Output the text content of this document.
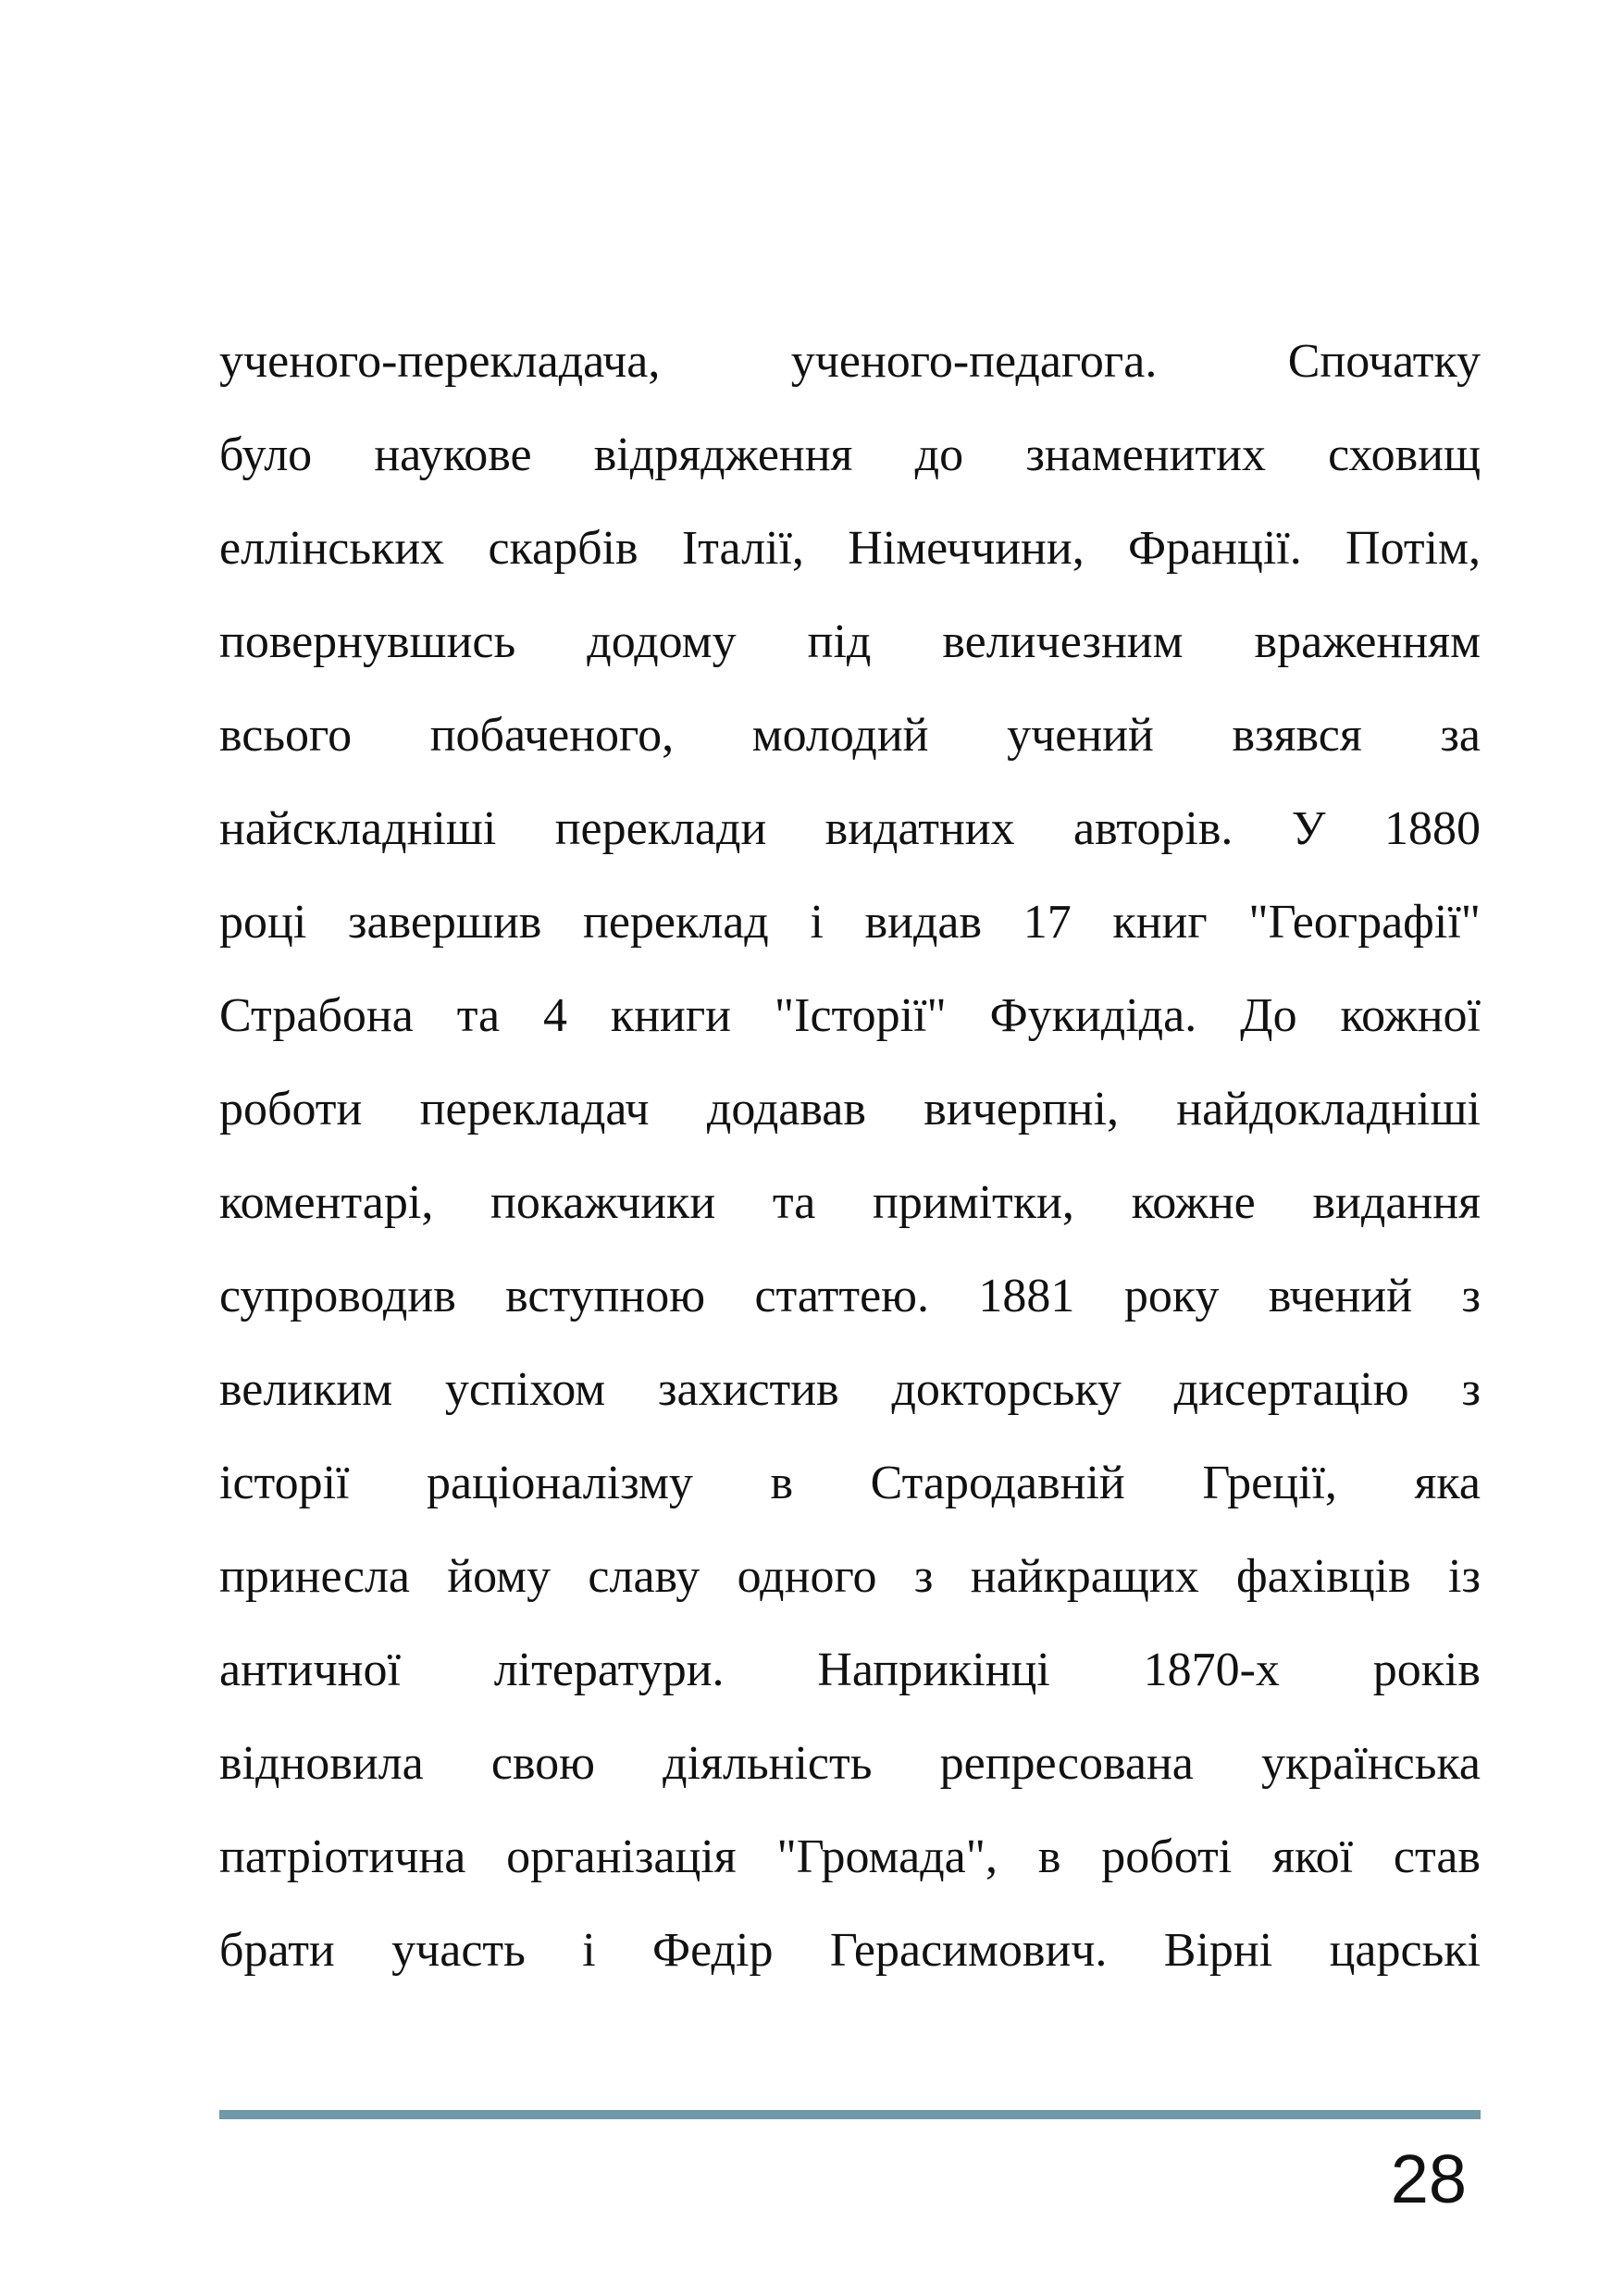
ученого-перекладача, ученого-педагога. Спочатку
було наукове відрядження до знаменитих сховищ
еллінських скарбів Італії, Німеччини, Франції. Потім,
повернувшись додому під величезним враженням
всього побаченого, молодий учений взявся за
найскладніші переклади видатних авторів. У 1880
році завершив переклад і видав 17 книг "Географії"
Страбона та 4 книги "Історії" Фукидіда. До кожної
роботи перекладач додавав вичерпні, найдокладніші
коментарі, покажчики та примітки, кожне видання
супроводив вступною статтею. 1881 року вчений з
великим успіхом захистив докторську дисертацію з
історії раціоналізму в Стародавній Греції, яка
принесла йому славу одного з найкращих фахівців із
античної літератури. Наприкінці 1870-х років
відновила свою діяльність репресована українська
патріотична організація "Громада", в роботі якої став
брати участь і Федір Герасимович. Вірні царські
28
